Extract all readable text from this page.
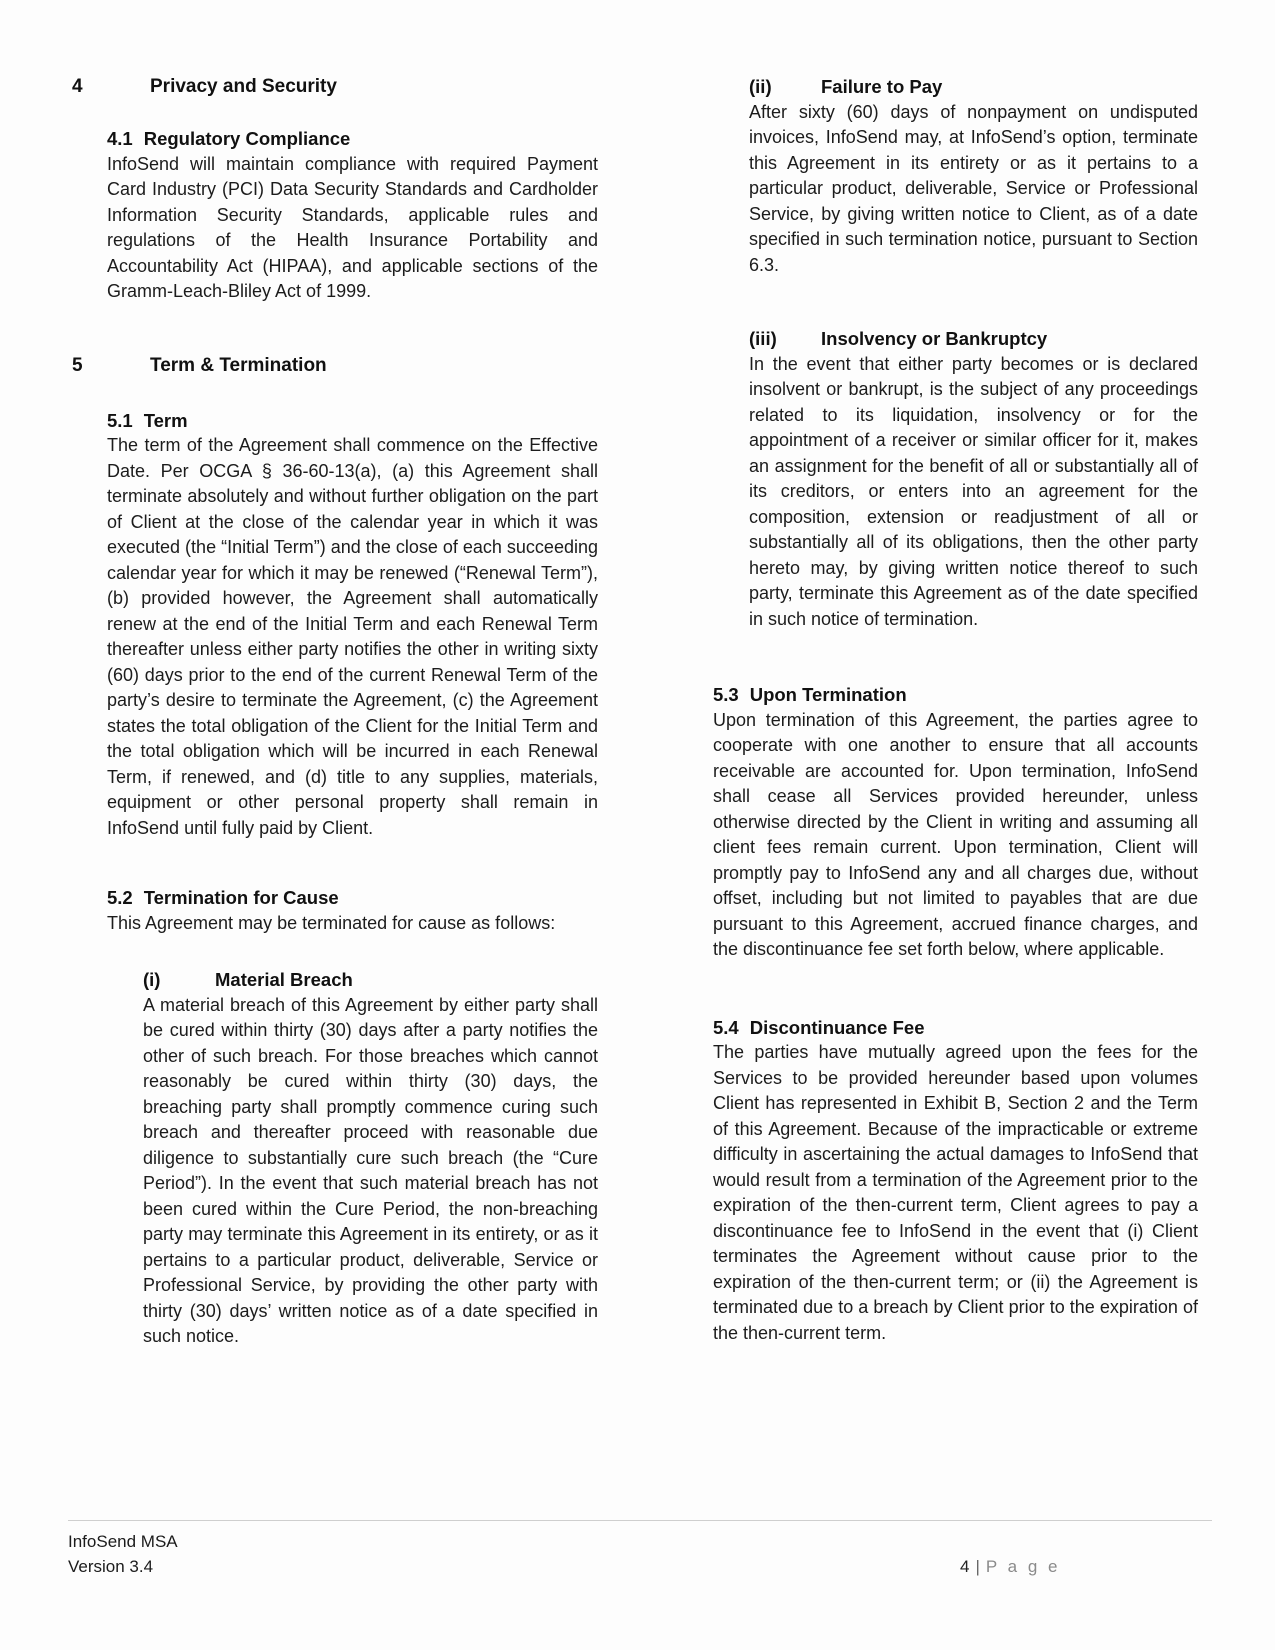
4	Privacy and Security
4.1 Regulatory Compliance

InfoSend will maintain compliance with required Payment Card Industry (PCI) Data Security Standards and Cardholder Information Security Standards, applicable rules and regulations of the Health Insurance Portability and Accountability Act (HIPAA), and applicable sections of the Gramm-Leach-Bliley Act of 1999.

5	Term & Termination
5.1 Term

The term of the Agreement shall commence on the Effective Date. Per OCGA § 36-60-13(a), (a) this Agreement shall terminate absolutely and without further obligation on the part of Client at the close of the calendar year in which it was executed (the “Initial Term”) and the close of each succeeding calendar year for which it may be renewed (“Renewal Term”), (b) provided however, the Agreement shall automatically renew at the end of the Initial Term and each Renewal Term thereafter unless either party notifies the other in writing sixty (60) days prior to the end of the current Renewal Term of the party’s desire to terminate the Agreement, (c) the Agreement states the total obligation of the Client for the Initial Term and the total obligation which will be incurred in each Renewal Term, if renewed, and (d) title to any supplies, materials, equipment or other personal property shall remain in InfoSend until fully paid by Client.

5.2 Termination for Cause

This Agreement may be terminated for cause as follows:

(i)	Material Breach

A material breach of this Agreement by either party shall be cured within thirty (30) days after a party notifies the other of such breach. For those breaches which cannot reasonably be cured within thirty (30) days, the breaching party shall promptly commence curing such breach and thereafter proceed with reasonable due diligence to substantially cure such breach (the “Cure Period”). In the event that such material breach has not been cured within the Cure Period, the non-breaching party may terminate this Agreement in its entirety, or as it pertains to a particular product, deliverable, Service or Professional Service, by providing the other party with thirty (30) days’ written notice as of a date specified in such notice.

(ii)	Failure to Pay

After sixty (60) days of nonpayment on undisputed invoices, InfoSend may, at InfoSend’s option, terminate this Agreement in its entirety or as it pertains to a particular product, deliverable, Service or Professional Service, by giving written notice to Client, as of a date specified in such termination notice, pursuant to Section 6.3.

(iii)	Insolvency or Bankruptcy

In the event that either party becomes or is declared insolvent or bankrupt, is the subject of any proceedings related to its liquidation, insolvency or for the appointment of a receiver or similar officer for it, makes an assignment for the benefit of all or substantially all of its creditors, or enters into an agreement for the composition, extension or readjustment of all or substantially all of its obligations, then the other party hereto may, by giving written notice thereof to such party, terminate this Agreement as of the date specified in such notice of termination.

5.3 Upon Termination

Upon termination of this Agreement, the parties agree to cooperate with one another to ensure that all accounts receivable are accounted for. Upon termination, InfoSend shall cease all Services provided hereunder, unless otherwise directed by the Client in writing and assuming all client fees remain current. Upon termination, Client will promptly pay to InfoSend any and all charges due, without offset, including but not limited to payables that are due pursuant to this Agreement, accrued finance charges, and the discontinuance fee set forth below, where applicable.

5.4 Discontinuance Fee

The parties have mutually agreed upon the fees for the Services to be provided hereunder based upon volumes Client has represented in Exhibit B, Section 2 and the Term of this Agreement. Because of the impracticable or extreme difficulty in ascertaining the actual damages to InfoSend that would result from a termination of the Agreement prior to the expiration of the then-current term, Client agrees to pay a discontinuance fee to InfoSend in the event that (i) Client terminates the Agreement without cause prior to the expiration of the then-current term; or (ii) the Agreement is terminated due to a breach by Client prior to the expiration of the then-current term.

InfoSend MSA
Version 3.4	4 | P a g e
